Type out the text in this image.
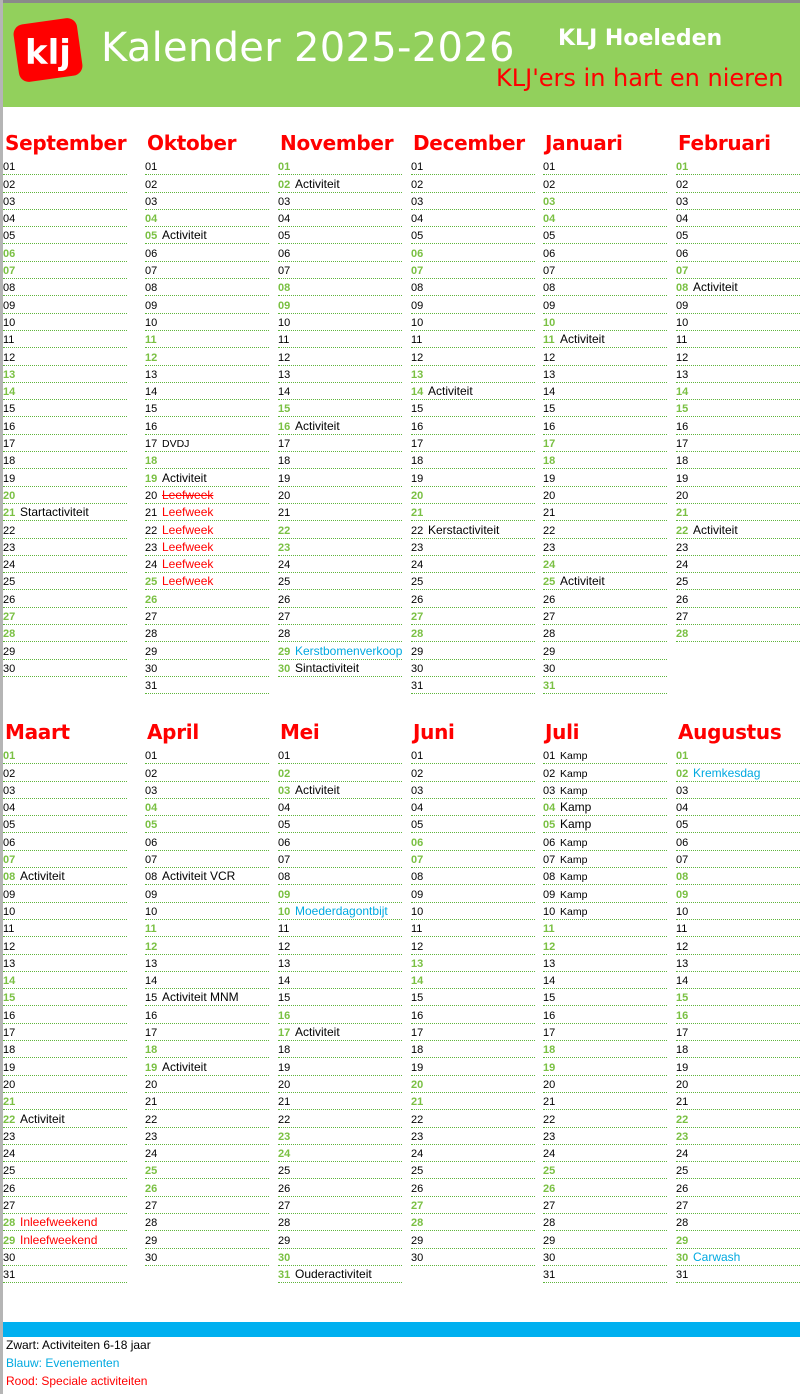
klj Kalender 2025-2026 KLJ Hoeleden
KLJ'ers in hart en nieren
September
01
02
03
04
05
06
07
08
09
10
11
12
13
14
15
16
17
18
19
20
21 Startactiviteit
22
23
24
25
26
27
28
29
30
Oktober
01
02
03
04
05 Activiteit
06
07
08
09
10
11
12
13
14
15
16
17 DVDJ
18
19 Activiteit
20 Leefweek
21 Leefweek
22 Leefweek
23 Leefweek
24 Leefweek
25 Leefweek
26
27
28
29
30
31
November
01
02 Activiteit
03
04
05
06
07
08
09
10
11
12
13
14
15
16 Activiteit
17
18
19
20
21
22
23
24
25
26
27
28
29 Kerstbomenverkoop
30 Sintactiviteit
December
01
02
03
04
05
06
07
08
09
10
11
12
13
14 Activiteit
15
16
17
18
19
20
21
22 Kerstactiviteit
23
24
25
26
27
28
29
30
31
Januari
01
02
03
04
05
06
07
08
09
10
11 Activiteit
12
13
14
15
16
17
18
19
20
21
22
23
24
25 Activiteit
26
27
28
29
30
31
Februari
01
02
03
04
05
06
07
08 Activiteit
09
10
11
12
13
14
15
16
17
18
19
20
21
22 Activiteit
23
24
25
26
27
28
Maart
01
02
03
04
05
06
07
08 Activiteit
09
10
11
12
13
14
15
16
17
18
19
20
21
22 Activiteit
23
24
25
26
27
28 Inleefweekend
29 Inleefweekend
30
31
April
01
02
03
04
05
06
07
08 Activiteit VCR
09
10
11
12
13
14
15 Activiteit MNM
16
17
18
19 Activiteit
20
21
22
23
24
25
26
27
28
29
30
Mei
01
02
03 Activiteit
04
05
06
07
08
09
10 Moederdagontbijt
11
12
13
14
15
16
17 Activiteit
18
19
20
21
22
23
24
25
26
27
28
29
30
31 Ouderactiviteit
Juni
01
02
03
04
05
06
07
08
09
10
11
12
13
14
15
16
17
18
19
20
21
22
23
24
25
26
27
28
29
30
Juli
01 Kamp
02 Kamp
03 Kamp
04 Kamp
05 Kamp
06 Kamp
07 Kamp
08 Kamp
09 Kamp
10 Kamp
11
12
13
14
15
16
17
18
19
20
21
22
23
24
25
26
27
28
29
30
31
Augustus
01
02 Kremkesdag
03
04
05
06
07
08
09
10
11
12
13
14
15
16
17
18
19
20
21
22
23
24
25
26
27
28
29
30 Carwash
31
Zwart: Activiteiten 6-18 jaar
Blauw: Evenementen
Rood: Speciale activiteiten
